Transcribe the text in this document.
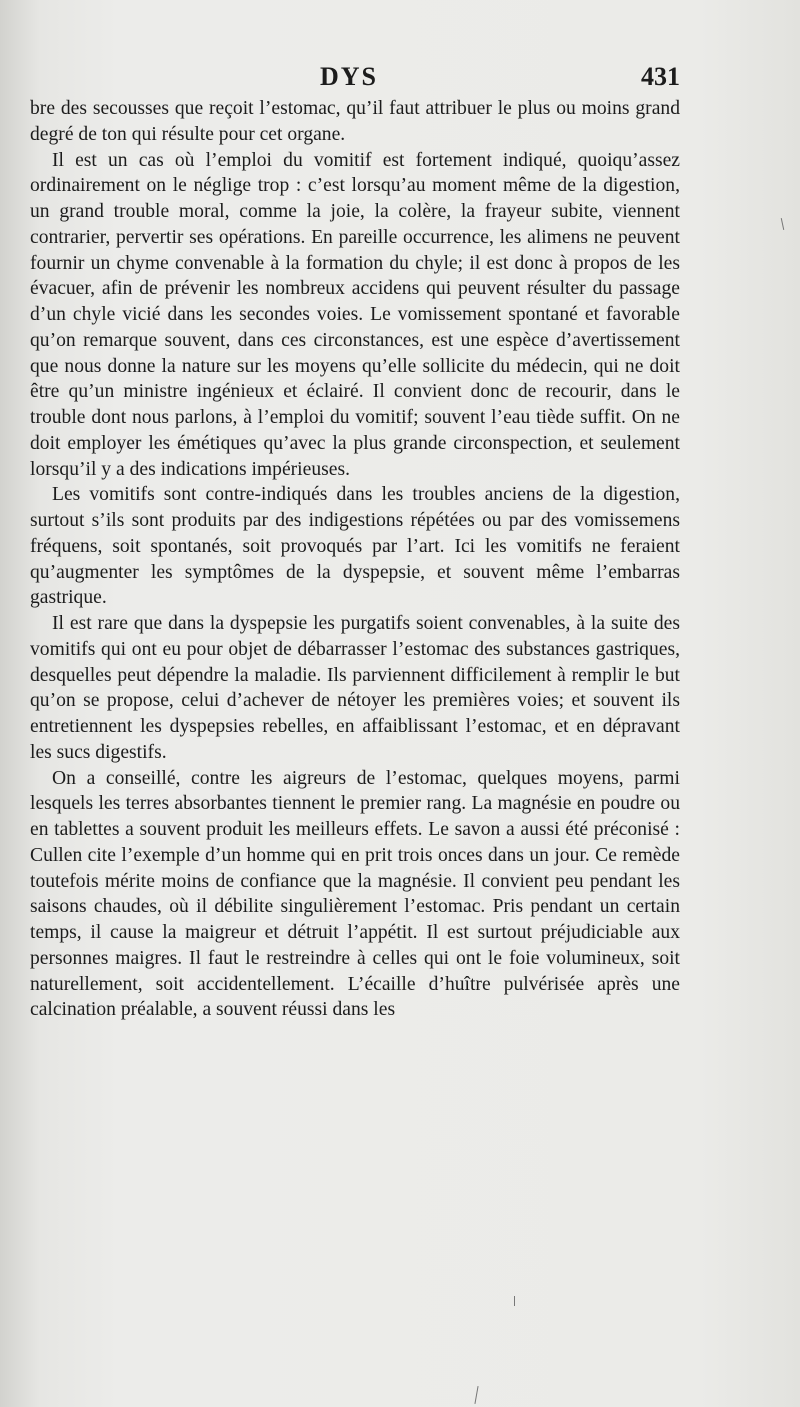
DYS	431

bre des secousses que reçoit l’estomac, qu’il faut attribuer le plus ou moins grand degré de ton qui résulte pour cet organe.

Il est un cas où l’emploi du vomitif est fortement indiqué, quoiqu’assez ordinairement on le néglige trop : c’est lorsqu’au moment même de la digestion, un grand trouble moral, comme la joie, la colère, la frayeur subite, viennent contrarier, pervertir ses opérations. En pareille occurrence, les alimens ne peuvent fournir un chyme convenable à la formation du chyle; il est donc à propos de les évacuer, afin de prévenir les nombreux accidens qui peuvent résulter du passage d’un chyle vicié dans les secondes voies. Le vomissement spontané et favorable qu’on remarque souvent, dans ces circonstances, est une espèce d’avertissement que nous donne la nature sur les moyens qu’elle sollicite du médecin, qui ne doit être qu’un ministre ingénieux et éclairé. Il convient donc de recourir, dans le trouble dont nous parlons, à l’emploi du vomitif; souvent l’eau tiède suffit. On ne doit employer les émétiques qu’avec la plus grande circonspection, et seulement lorsqu’il y a des indications impérieuses.

Les vomitifs sont contre-indiqués dans les troubles anciens de la digestion, surtout s’ils sont produits par des indigestions répétées ou par des vomissemens fréquens, soit spontanés, soit provoqués par l’art. Ici les vomitifs ne feraient qu’augmenter les symptômes de la dyspepsie, et souvent même l’embarras gastrique.

Il est rare que dans la dyspepsie les purgatifs soient convenables, à la suite des vomitifs qui ont eu pour objet de débarrasser l’estomac des substances gastriques, desquelles peut dépendre la maladie. Ils parviennent difficilement à remplir le but qu’on se propose, celui d’achever de nétoyer les premières voies; et souvent ils entretiennent les dyspepsies rebelles, en affaiblissant l’estomac, et en dépravant les sucs digestifs.

On a conseillé, contre les aigreurs de l’estomac, quelques moyens, parmi lesquels les terres absorbantes tiennent le premier rang. La magnésie en poudre ou en tablettes a souvent produit les meilleurs effets. Le savon a aussi été préconisé : Cullen cite l’exemple d’un homme qui en prit trois onces dans un jour. Ce remède toutefois mérite moins de confiance que la magnésie. Il convient peu pendant les saisons chaudes, où il débilite singulièrement l’estomac. Pris pendant un certain temps, il cause la maigreur et détruit l’appétit. Il est surtout préjudiciable aux personnes maigres. Il faut le restreindre à celles qui ont le foie volumineux, soit naturellement, soit accidentellement. L’écaille d’huître pulvérisée après une calcination préalable, a souvent réussi dans les
